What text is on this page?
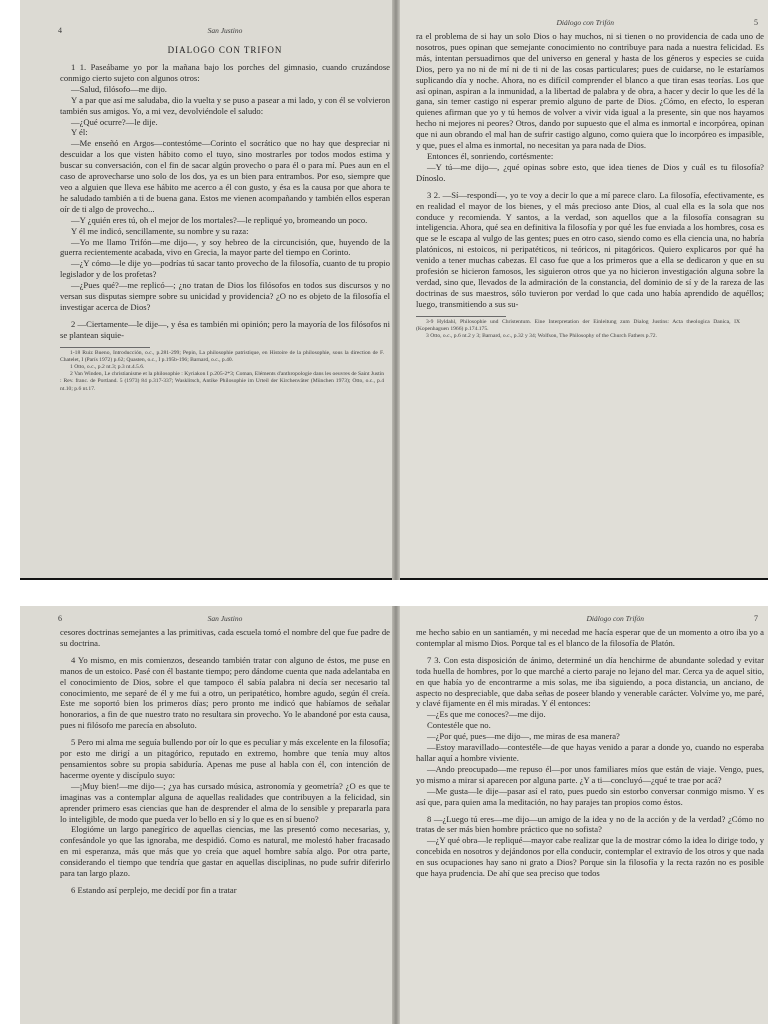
4	San Justino
DIALOGO CON TRIFON

1 1. Paseábame yo por la mañana bajo los porches del gimnasio, cuando cruzándose conmigo cierto sujeto con algunos otros:

—Salud, filósofo—me dijo.

Y a par que así me saludaba, dio la vuelta y se puso a pasear a mi lado, y con él se volvieron también sus amigos. Yo, a mi vez, devolviéndole el saludo:

—¿Qué ocurre?—le dije.

Y él:

—Me enseñó en Argos—contestóme—Corinto el socrático que no hay que despreciar ni descuidar a los que visten hábito como el tuyo, sino mostrarles por todos modos estima y buscar su conversación, con el fin de sacar algún provecho o para él o para mí. Pues aun en el caso de aprovecharse uno solo de los dos, ya es un bien para entrambos. Por eso, siempre que veo a alguien que lleva ese hábito me acerco a él con gusto, y ésa es la causa por que ahora te he saludado también a ti de buena gana. Estos me vienen acompañando y también ellos esperan oír de ti algo de provecho...

—Y ¿quién eres tú, oh el mejor de los mortales?—le repliqué yo, bromeando un poco.

Y él me indicó, sencillamente, su nombre y su raza:

—Yo me llamo Trifón—me dijo—, y soy hebreo de la circuncisión, que, huyendo de la guerra recientemente acabada, vivo en Grecia, la mayor parte del tiempo en Corinto.

—¿Y cómo—le dije yo—podrías tú sacar tanto provecho de la filosofía, cuanto de tu propio legislador y de los profetas?

—¿Pues qué?—me replicó—; ¿no tratan de Dios los filósofos en todos sus discursos y no versan sus disputas siempre sobre su unicidad y providencia? ¿O no es objeto de la filosofía el investigar acerca de Dios?

2 —Ciertamente—le dije—, y ésa es también mi opinión; pero la mayoría de los filósofos ni se plantean siquie-

1-18 Ruiz Bueno, Introducción, o.c., p.281-299; Pepin, La philosophie patristique, en Histoire de la philosophie, sous la direction de F. Chatelet, I (París 1972) p.62; Quasten, o.c., I p.195b-196; Barnard, o.c., p.40.

1 Otto, o.c., p.2 nt.3; p.3 nt.4.5.6.

2 Van Winden, Le christianisme et la philosophie : Kyriakon I p.205-2*3; Coman, Eléments d'anthropologie dans les oeuvres de Saint Justin : Rev. franc. de Portland. 5 (1973) 84 p.317-337; Wasklitsch, Antike Philosophie im Urteil der Kirchenväter (München 1973); Otto, o.c., p.4 nt.10; p.6 nt.17.

Diálogo con Trifón	5

ra el problema de si hay un solo Dios o hay muchos, ni si tienen o no providencia de cada uno de nosotros, pues opinan que semejante conocimiento no contribuye para nada a nuestra felicidad. Es más, intentan persuadirnos que del universo en general y hasta de los géneros y especies se cuida Dios, pero ya no ni de mí ni de ti ni de las cosas particulares; pues de cuidarse, no le estaríamos suplicando día y noche. Ahora, no es difícil comprender el blanco a que tiran esas teorías. Los que así opinan, aspiran a la inmunidad, a la libertad de palabra y de obra, a hacer y decir lo que les dé la gana, sin temer castigo ni esperar premio alguno de parte de Dios. ¿Cómo, en efecto, lo esperan quienes afirman que yo y tú hemos de volver a vivir vida igual a la presente, sin que nos hayamos hecho ni mejores ni peores? Otros, dando por supuesto que el alma es inmortal e incorpórea, opinan que ni aun obrando el mal han de sufrir castigo alguno, como quiera que lo incorpóreo es impasible, y que, pues el alma es inmortal, no necesitan ya para nada de Dios.

Entonces él, sonriendo, cortésmente:

—Y tú—me dijo—, ¿qué opinas sobre esto, que idea tienes de Dios y cuál es tu filosofía? Dínoslo.

3 2. —Sí—respondí—, yo te voy a decir lo que a mí parece claro. La filosofía, efectivamente, es en realidad el mayor de los bienes, y el más precioso ante Dios, al cual ella es la sola que nos conduce y recomienda. Y santos, a la verdad, son aquellos que a la filosofía consagran su inteligencia. Ahora, qué sea en definitiva la filosofía y por qué les fue enviada a los hombres, cosa es que se le escapa al vulgo de las gentes; pues en otro caso, siendo como es ella ciencia una, no habría platónicos, ni estoicos, ni peripatéticos, ni teóricos, ni pitagóricos. Quiero explicaros por qué ha venido a tener muchas cabezas. El caso fue que a los primeros que a ella se dedicaron y que en su profesión se hicieron famosos, les siguieron otros que ya no hicieron investigación alguna sobre la verdad, sino que, llevados de la admiración de la constancia, del dominio de sí y de la rareza de las doctrinas de sus maestros, sólo tuvieron por verdad lo que cada uno había aprendido de aquéllos; luego, transmitiendo a sus su-

3-9 Hyldahl, Philosophie und Christentum. Eine Interpretation der Einleitung zum Dialog Justins: Acta theologica Danica, IX (Kopenhaguen 1966) p.174.175.

3 Otto, o.c., p.6 nt.2 y 3; Barnard, o.c., p.32 y 34; Wolfson, The Philosophy of the Church Fathers p.72.

6	San Justino

cesores doctrinas semejantes a las primitivas, cada escuela tomó el nombre del que fue padre de su doctrina.

4 Yo mismo, en mis comienzos, deseando también tratar con alguno de éstos, me puse en manos de un estoico. Pasé con él bastante tiempo; pero dándome cuenta que nada adelantaba en el conocimiento de Dios, sobre el que tampoco él sabía palabra ni decía ser necesario tal conocimiento, me separé de él y me fui a otro, un peripatético, hombre agudo, según él creía. Este me soportó bien los primeros días; pero pronto me indicó que habíamos de señalar honorarios, a fin de que nuestro trato no resultara sin provecho. Yo le abandoné por esta causa, pues ni filósofo me parecía en absoluto.

5 Pero mi alma me seguía bullendo por oír lo que es peculiar y más excelente en la filosofía; por esto me dirigí a un pitagórico, reputado en extremo, hombre que tenía muy altos pensamientos sobre su propia sabiduría. Apenas me puse al habla con él, con intención de hacerme oyente y discípulo suyo:

—¡Muy bien!—me dijo—; ¿ya has cursado música, astronomía y geometría? ¿O es que te imaginas vas a contemplar alguna de aquellas realidades que contribuyen a la felicidad, sin aprender primero esas ciencias que han de desprender el alma de lo sensible y prepararla para lo inteligible, de modo que pueda ver lo bello en sí y lo que es en sí bueno?

Elogióme un largo panegírico de aquellas ciencias, me las presentó como necesarias, y, confesándole yo que las ignoraba, me despidió. Como es natural, me molestó haber fracasado en mi esperanza, más que más que yo creía que aquel hombre sabía algo. Por otra parte, considerando el tiempo que tendría que gastar en aquellas disciplinas, no pude sufrir diferirlo para tan largo plazo.

6 Estando así perplejo, me decidí por fin a tratar

Diálogo con Trifón	7

me hecho sabio en un santiamén, y mi necedad me hacía esperar que de un momento a otro iba yo a contemplar al mismo Dios. Porque tal es el blanco de la filosofía de Platón.

7 3. Con esta disposición de ánimo, determiné un día henchirme de abundante soledad y evitar toda huella de hombres, por lo que marché a cierto paraje no lejano del mar. Cerca ya de aquel sitio, en que había yo de encontrarme a mis solas, me iba siguiendo, a poca distancia, un anciano, de aspecto no despreciable, que daba señas de poseer blando y venerable carácter. Volvíme yo, me paré, y clavé fijamente en él mis miradas. Y él entonces:

—¿Es que me conoces?—me dijo.

Contestéle que no.

—¿Por qué, pues—me dijo—, me miras de esa manera?

—Estoy maravillado—contestéle—de que hayas venido a parar a donde yo, cuando no esperaba hallar aquí a hombre viviente.

—Ando preocupado—me repuso él—por unos familiares míos que están de viaje. Vengo, pues, yo mismo a mirar si aparecen por alguna parte. ¿Y a ti—concluyó—¿qué te trae por acá?

—Me gusta—le dije—pasar así el rato, pues puedo sin estorbo conversar conmigo mismo. Y es así que, para quien ama la meditación, no hay parajes tan propios como éstos.

8 —¿Luego tú eres—me dijo—un amigo de la idea y no de la acción y de la verdad? ¿Cómo no tratas de ser más bien hombre práctico que no sofista?

—¿Y qué obra—le repliqué—mayor cabe realizar que la de mostrar cómo la idea lo dirige todo, y concebida en nosotros y dejándonos por ella conducir, contemplar el extravío de los otros y que nada en sus ocupaciones hay sano ni grato a Dios? Porque sin la filosofía y la recta razón no es posible que haya prudencia. De ahí que sea preciso que todos
